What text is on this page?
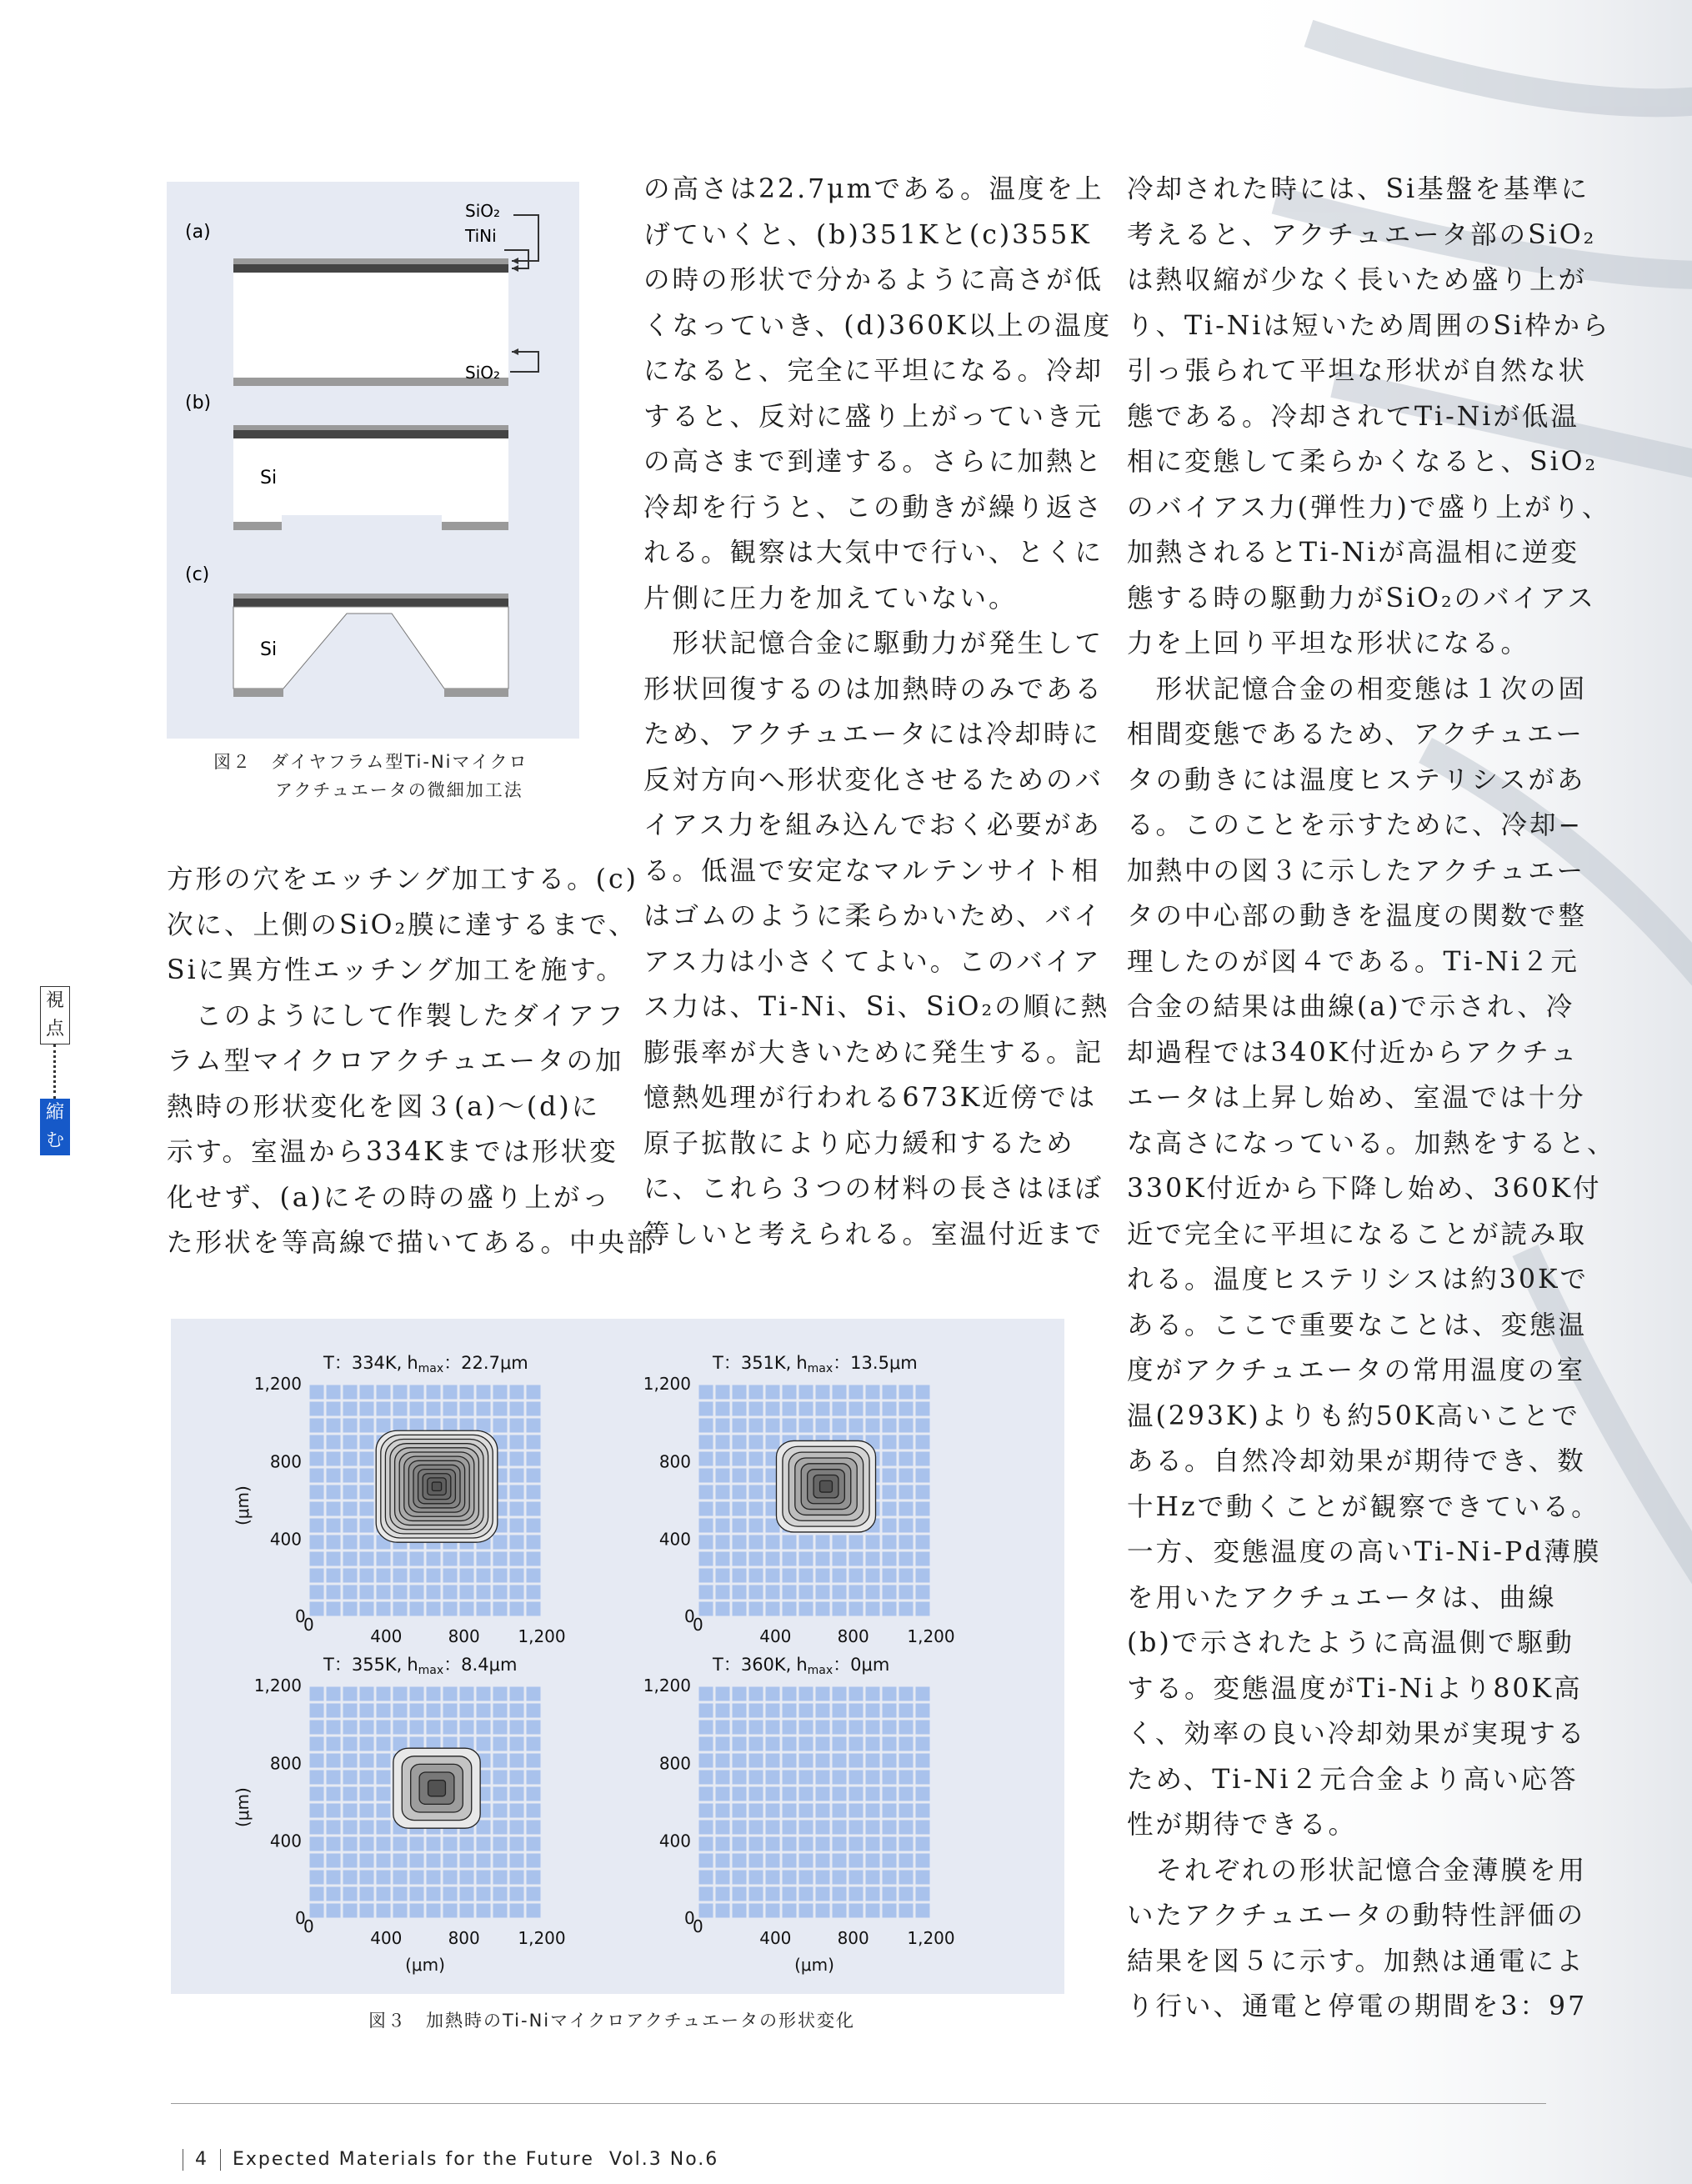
(a)
(b)
(c)
SiO₂
TiNi
SiO₂
Si
Si
図２　ダイヤフラム型Ti-Niマイクロ
アクチュエータの微細加工法
方形の穴をエッチング加工する。(c)
次に、上側のSiO₂膜に達するまで、
Siに異方性エッチング加工を施す。
　このようにして作製したダイアフ
ラム型マイクロアクチュエータの加
熱時の形状変化を図３(a)〜(d)に
示す。室温から334Kまでは形状変
化せず、(a)にその時の盛り上がっ
た形状を等高線で描いてある。中央部
の高さは22.7μmである。温度を上
げていくと、(b)351Kと(c)355K
の時の形状で分かるように高さが低
くなっていき、(d)360K以上の温度
になると、完全に平坦になる。冷却
すると、反対に盛り上がっていき元
の高さまで到達する。さらに加熱と
冷却を行うと、この動きが繰り返さ
れる。観察は大気中で行い、とくに
片側に圧力を加えていない。
　形状記憶合金に駆動力が発生して
形状回復するのは加熱時のみである
ため、アクチュエータには冷却時に
反対方向へ形状変化させるためのバ
イアス力を組み込んでおく必要があ
る。低温で安定なマルテンサイト相
はゴムのように柔らかいため、バイ
アス力は小さくてよい。このバイア
ス力は、Ti-Ni、Si、SiO₂の順に熱
膨張率が大きいために発生する。記
憶熱処理が行われる673K近傍では
原子拡散により応力緩和するため
に、これら３つの材料の長さはほぼ
等しいと考えられる。室温付近まで
冷却された時には、Si基盤を基準に
考えると、アクチュエータ部のSiO₂
は熱収縮が少なく長いため盛り上が
り、Ti-Niは短いため周囲のSi枠から
引っ張られて平坦な形状が自然な状
態である。冷却されてTi-Niが低温
相に変態して柔らかくなると、SiO₂
のバイアス力(弾性力)で盛り上がり、
加熱されるとTi-Niが高温相に逆変
態する時の駆動力がSiO₂のバイアス
力を上回り平坦な形状になる。
　形状記憶合金の相変態は１次の固
相間変態であるため、アクチュエー
タの動きには温度ヒステリシスがあ
る。このことを示すために、冷却−
加熱中の図３に示したアクチュエー
タの中心部の動きを温度の関数で整
理したのが図４である。Ti-Ni２元
合金の結果は曲線(a)で示され、冷
却過程では340K付近からアクチュ
エータは上昇し始め、室温では十分
な高さになっている。加熱をすると、
330K付近から下降し始め、360K付
近で完全に平坦になることが読み取
れる。温度ヒステリシスは約30Kで
ある。ここで重要なことは、変態温
度がアクチュエータの常用温度の室
温(293K)よりも約50K高いことで
ある。自然冷却効果が期待でき、数
十Hzで動くことが観察できている。
一方、変態温度の高いTi-Ni-Pd薄膜
を用いたアクチュエータは、曲線
(b)で示されたように高温側で駆動
する。変態温度がTi-Niより80K高
く、効率の良い冷却効果が実現する
ため、Ti-Ni２元合金より高い応答
性が期待できる。
　それぞれの形状記憶合金薄膜を用
いたアクチュエータの動特性評価の
結果を図５に示す。加熱は通電によ
り行い、通電と停電の期間を3：97
T：334K, hmax：22.7μm
1,200
800
400
400	800 1,200
0
0
(μm)
T：351K, hmax：13.5μm
1,200
800
400
400	800 1,200
0
0
T：355K, hmax：8.4μm
1,200
800
400
400	800 1,200
0
0
(μm)
(μm)
T：360K, hmax：0μm
1,200
800
400
400	800 1,200
0
0
(μm)
図３　加熱時のTi-Niマイクロアクチュエータの形状変化
視
点
縮
む
4 Expected Materials for the Future Vol.3 No.6
